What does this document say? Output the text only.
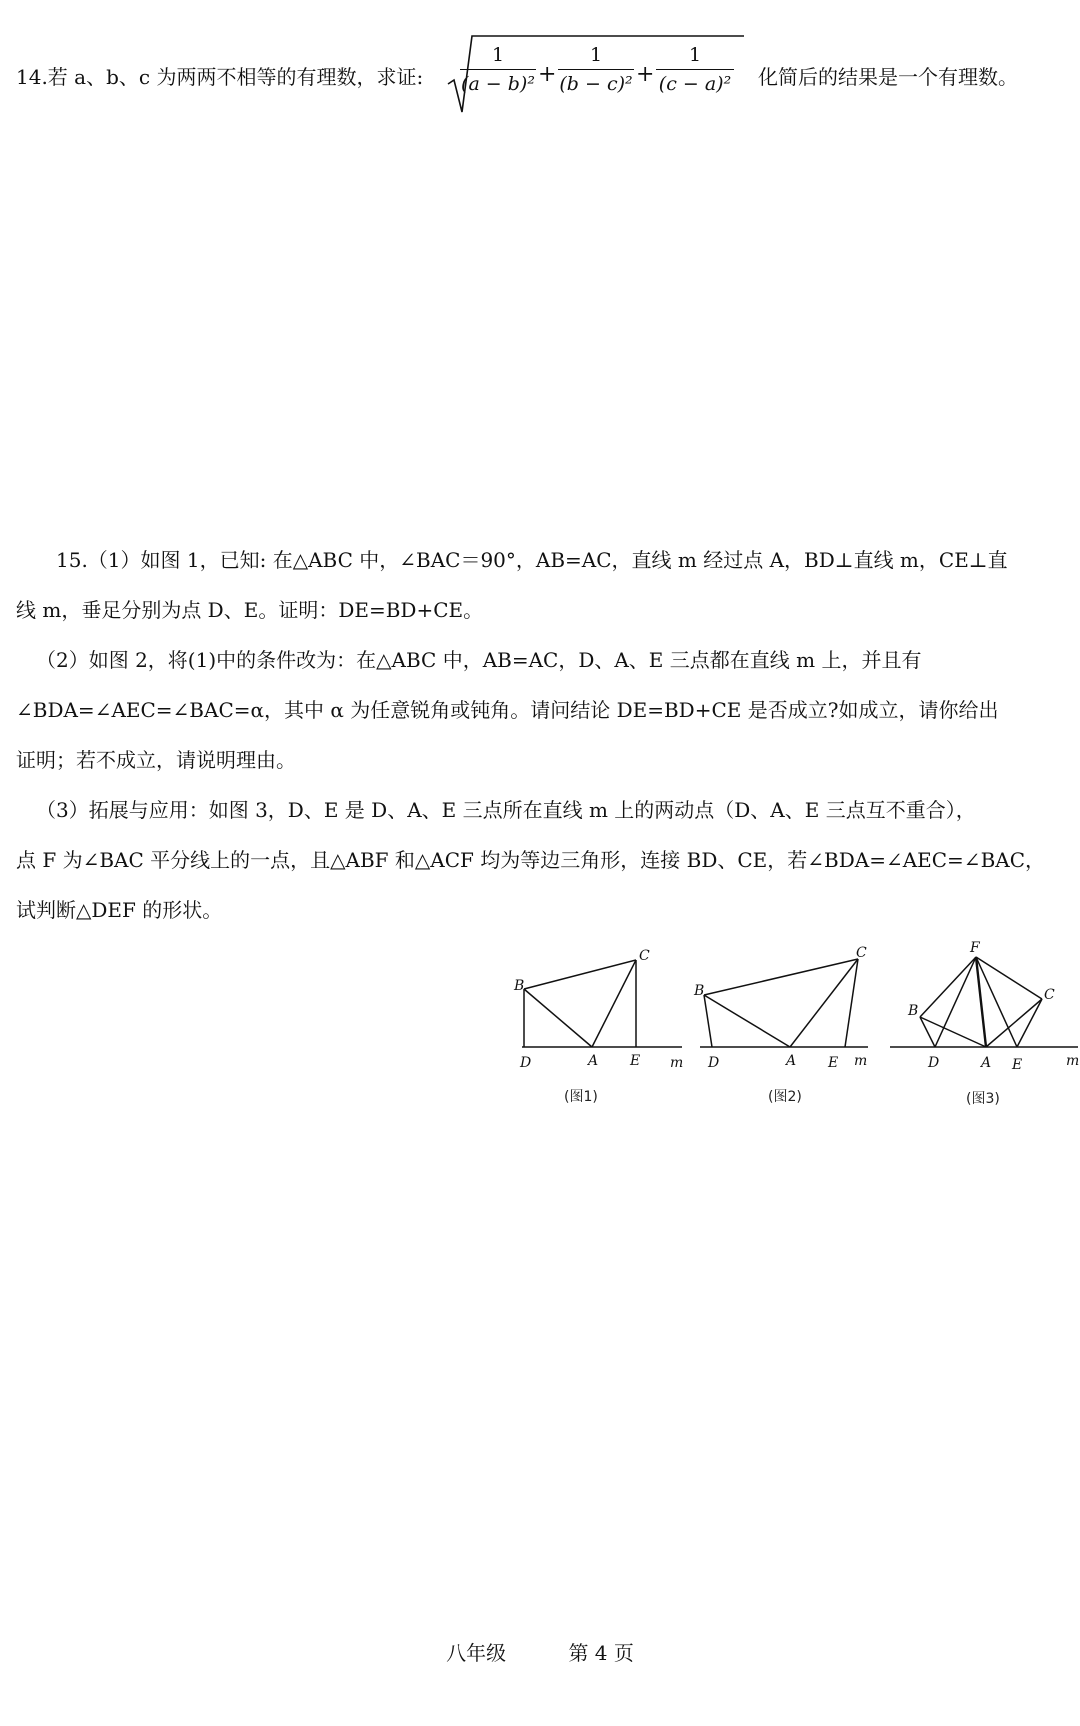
14.若 a、b、c 为两两不相等的有理数，求证:
1
(a − b)² +
1
(b − c)² +
1
(c − a)² 化简后的结果是一个有理数。
15.（1）如图 1，已知: 在△ABC 中，∠BAC＝90°，AB=AC，直线 m 经过点 A，BD⊥直线 m，CE⊥直
线 m，垂足分别为点 D、E。证明：DE=BD+CE。
（2）如图 2，将(1)中的条件改为：在△ABC 中，AB=AC，D、A、E 三点都在直线 m 上，并且有
∠BDA=∠AEC=∠BAC=α，其中 α 为任意锐角或钝角。请问结论 DE=BD+CE 是否成立?如成立，请你给出
证明；若不成立，请说明理由。
（3）拓展与应用：如图 3，D、E 是 D、A、E 三点所在直线 m 上的两动点（D、A、E 三点互不重合），
点 F 为∠BAC 平分线上的一点，且△ABF 和△ACF 均为等边三角形，连接 BD、CE，若∠BDA=∠AEC=∠BAC，
试判断△DEF 的形状。
B
C
D	A E m
(图1)
B
C
D	A E m
(图2)
F
B
C
D	A E	m
(图3)
八年级	第 4 页
